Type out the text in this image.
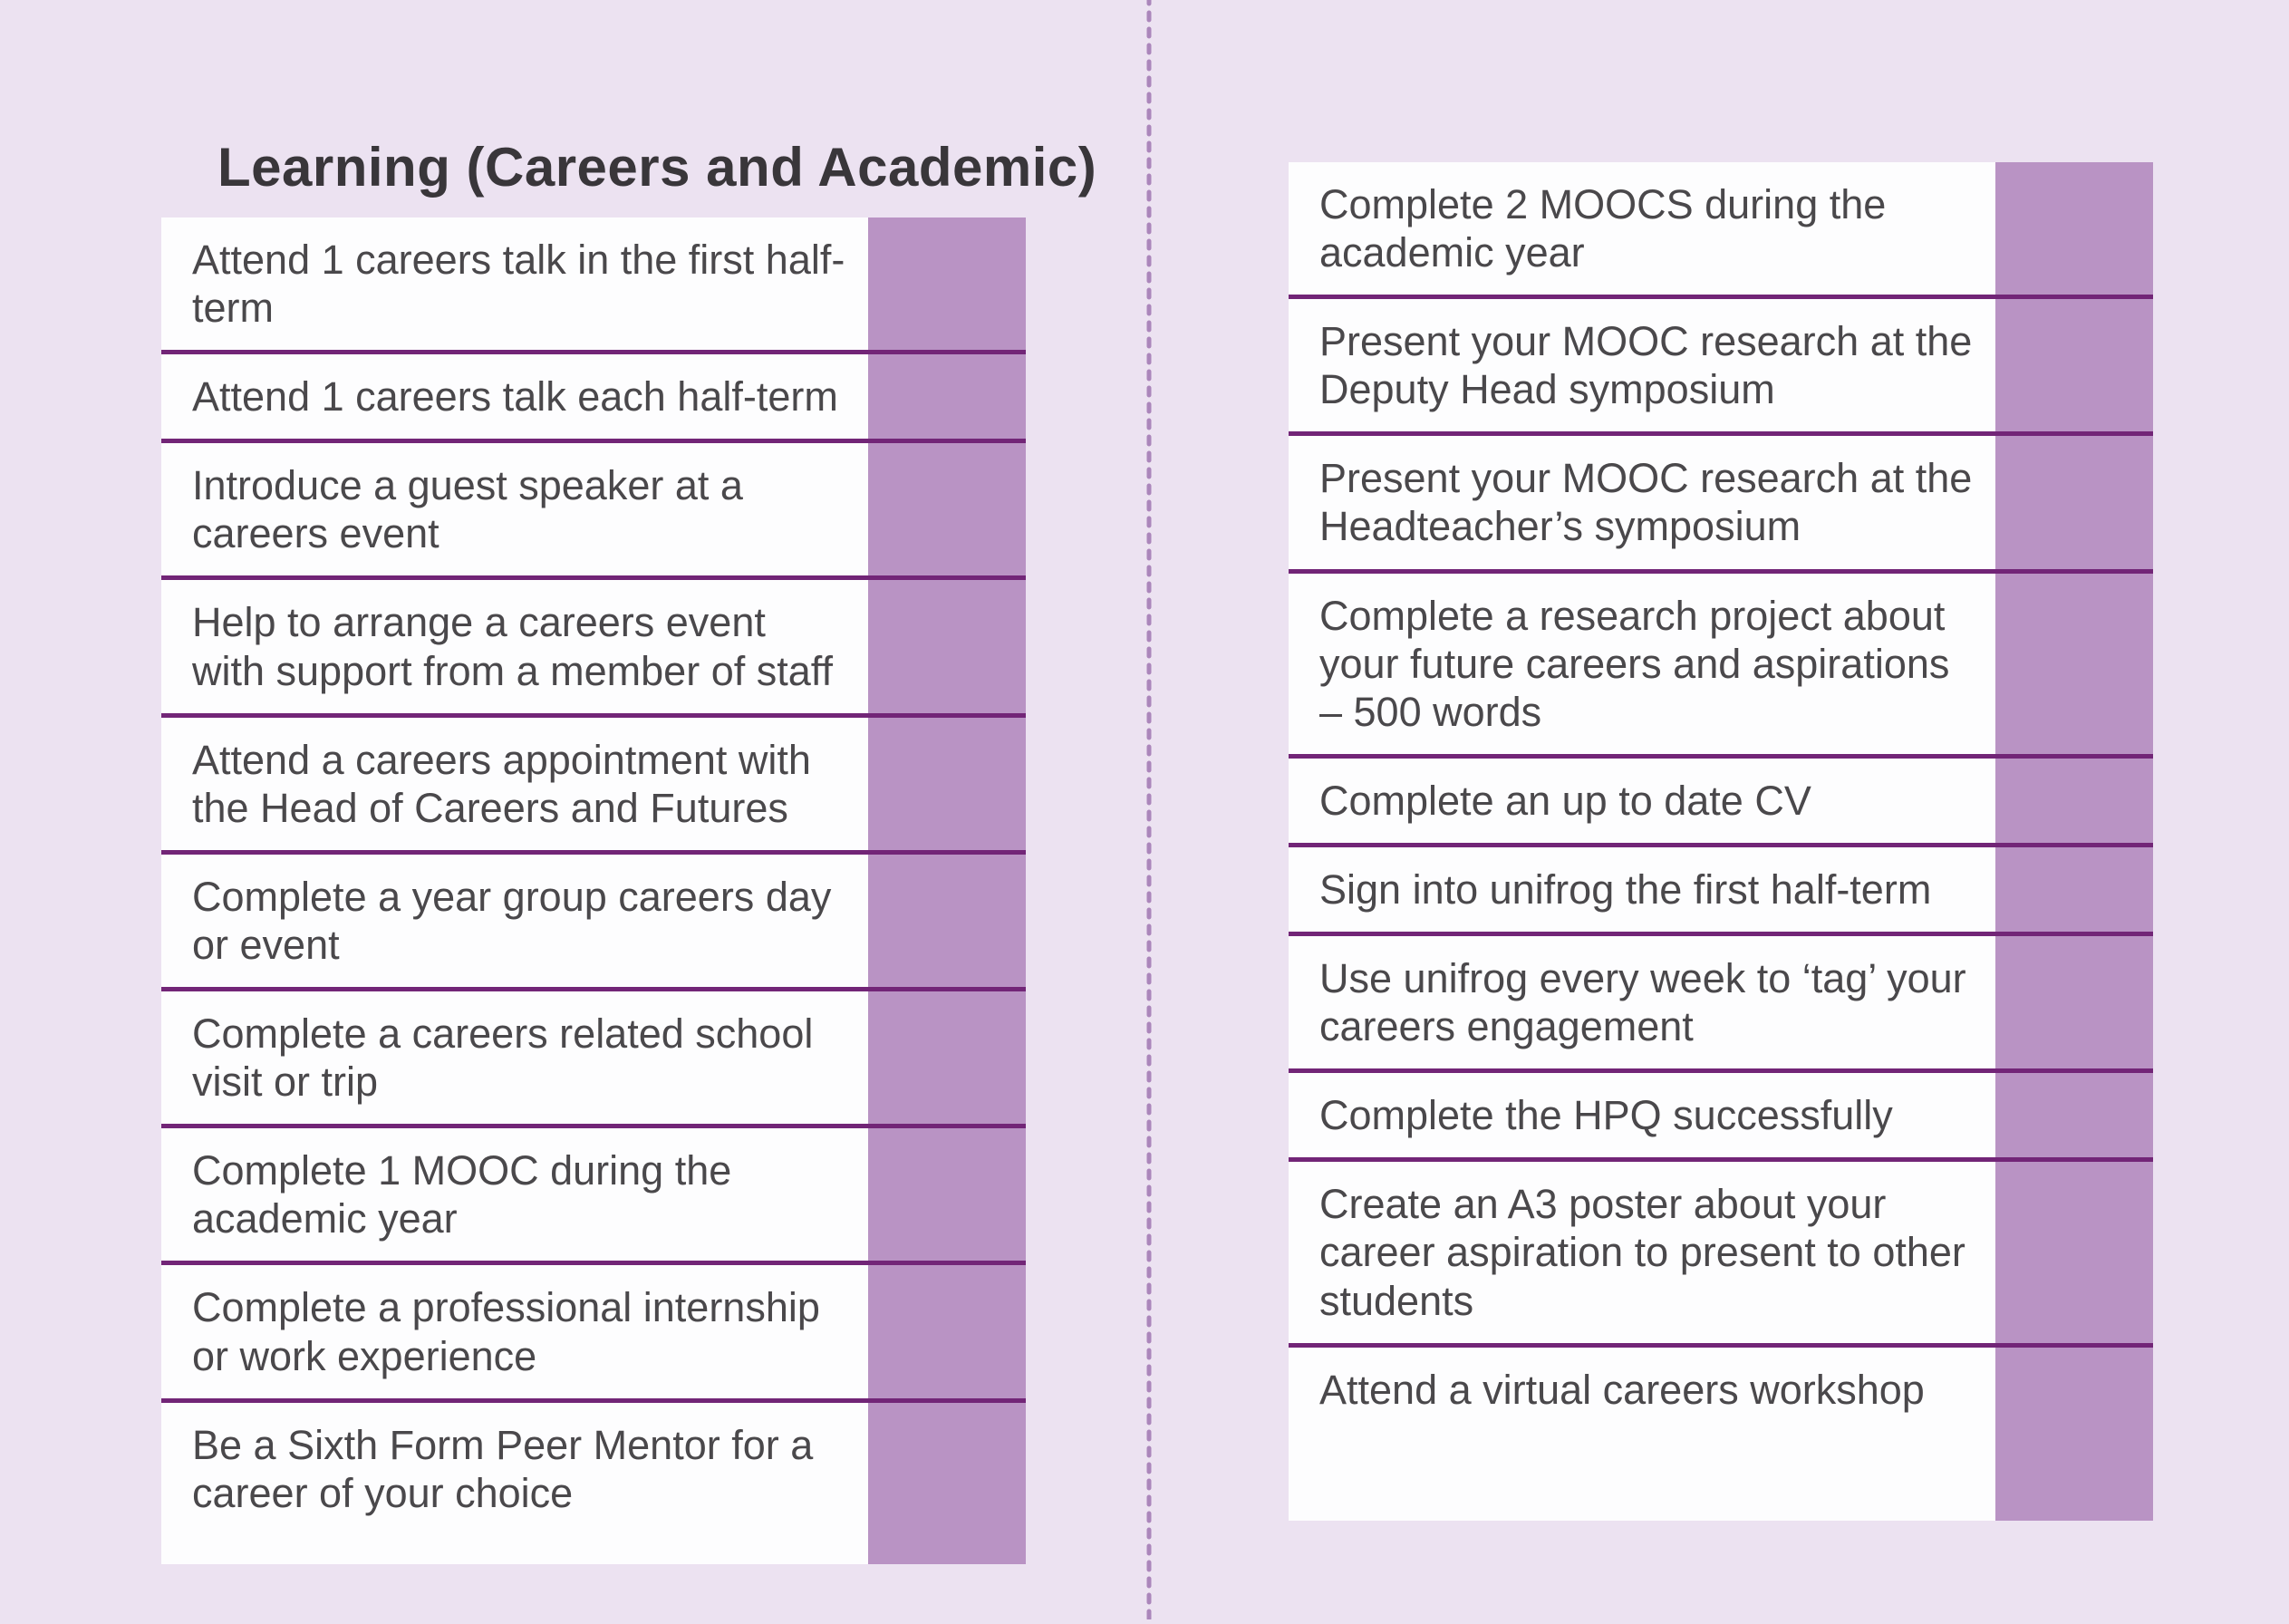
Learning (Careers and Academic)
Attend 1 careers talk in the first half-term
Attend 1 careers talk each half-term
Introduce a guest speaker at a careers event
Help to arrange a careers event with support from a member of staff
Attend a careers appointment with the Head of Careers and Futures
Complete a year group careers day or event
Complete a careers related school visit or trip
Complete 1 MOOC during the academic year
Complete a professional internship or work experience
Be a Sixth Form Peer Mentor for a career of your choice
Complete 2 MOOCS during the academic year
Present your MOOC research at the Deputy Head symposium
Present your MOOC research at the Headteacher’s symposium
Complete a research project about your future careers and aspirations – 500 words
Complete an up to date CV
Sign into unifrog the first half-term
Use unifrog every week to ‘tag’ your careers engagement
Complete the HPQ successfully
Create an A3 poster about your career aspiration to present to other students
Attend a virtual careers workshop
